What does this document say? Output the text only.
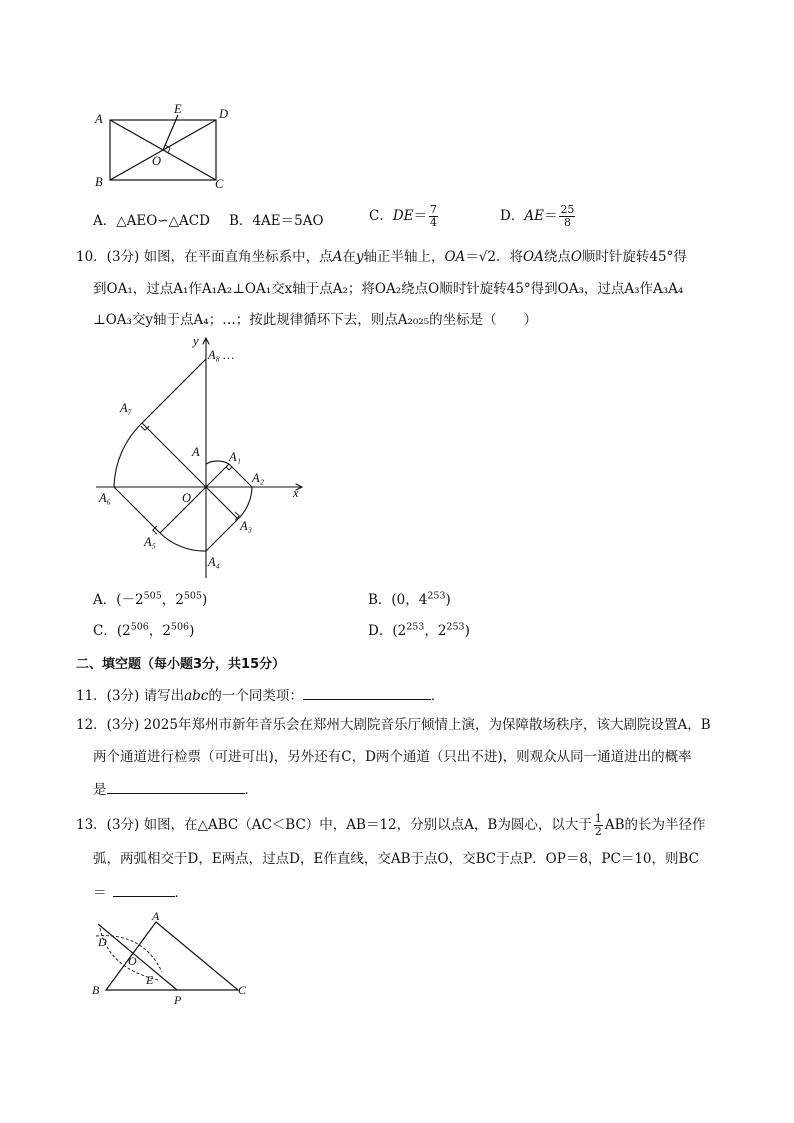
A
B	C
D
E
O
A．△AEO∽△ACD B．4AE＝5AO	C．$DE= \frac{7}{4}$	D．$AE= \frac{25}{8}$
10．(3分) 如图，在平面直角坐标系中，点A在y轴正半轴上，OA＝√2．将OA绕点O顺时针旋转45°得
到OA₁，过点A₁作A₁A₂⊥OA₁交x轴于点A₂；将OA₂绕点O顺时针旋转45°得到OA₃，过点A₃作A₃A₄
⊥OA₃交y轴于点A₄；…；按此规律循环下去，则点A₂₀₂₅的坐标是（　　）
y
x
O
A A₁
A₂
A₃
A₄
A₅
A₆
A₇
A₈ …
A．($-2^{505}$，$2^{505}$)	B．(0，$4^{253}$)
C．($2^{506}$，$2^{506}$)	D．($2^{253}$，$2^{253}$)
二、填空题（每小题3分，共15分）
11．(3分) 请写出abc的一个同类项：	．
12．(3分) 2025年郑州市新年音乐会在郑州大剧院音乐厅倾情上演，为保障散场秩序，该大剧院设置A，B
两个通道进行检票（可进可出)，另外还有C，D两个通道（只出不进)，则观众从同一通道进出的概率
是	．
13．(3分) 如图，在△ABC（AC＜BC）中，AB＝12，分别以点A，B为圆心，以大于 $\frac{1}{2}$ AB的长为半径作
弧，两弧相交于D，E两点，过点D，E作直线，交AB于点O，交BC于点P．OP＝8，PC＝10，则BC
＝	．
A
B	C
D
E
O
P
